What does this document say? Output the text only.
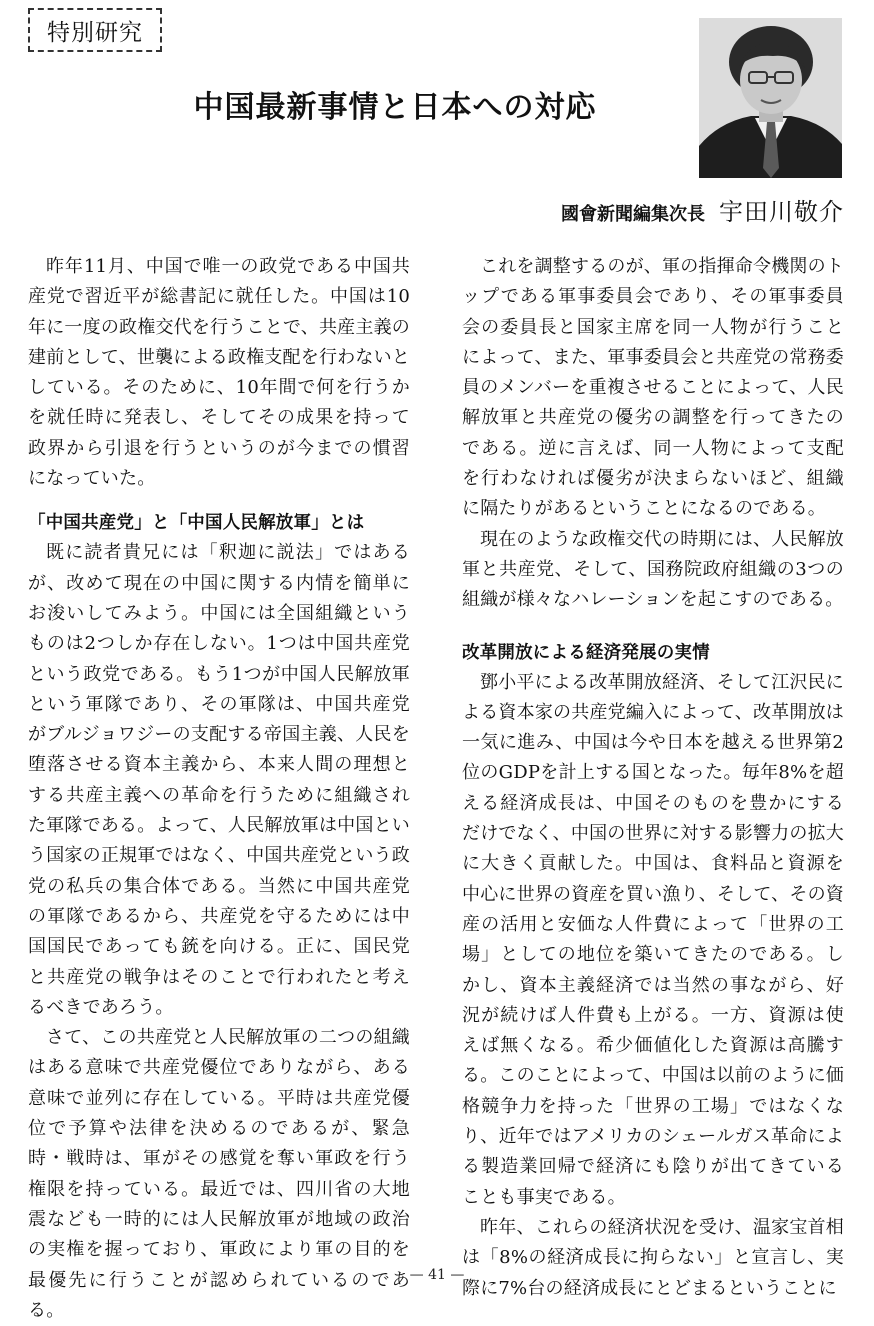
特別研究
中国最新事情と日本への対応
國會新聞編集次長 宇田川敬介

昨年11月、中国で唯一の政党である中国共産党で習近平が総書記に就任した。中国は10年に一度の政権交代を行うことで、共産主義の建前として、世襲による政権支配を行わないとしている。そのために、10年間で何を行うかを就任時に発表し、そしてその成果を持って政界から引退を行うというのが今までの慣習になっていた。

「中国共産党」と「中国人民解放軍」とは

既に読者貴兄には「釈迦に説法」ではあるが、改めて現在の中国に関する内情を簡単にお浚いしてみよう。中国には全国組織というものは2つしか存在しない。1つは中国共産党という政党である。もう1つが中国人民解放軍という軍隊であり、その軍隊は、中国共産党がブルジョワジーの支配する帝国主義、人民を堕落させる資本主義から、本来人間の理想とする共産主義への革命を行うために組織された軍隊である。よって、人民解放軍は中国という国家の正規軍ではなく、中国共産党という政党の私兵の集合体である。当然に中国共産党の軍隊であるから、共産党を守るためには中国国民であっても銃を向ける。正に、国民党と共産党の戦争はそのことで行われたと考えるべきであろう。

さて、この共産党と人民解放軍の二つの組織はある意味で共産党優位でありながら、ある意味で並列に存在している。平時は共産党優位で予算や法律を決めるのであるが、緊急時・戦時は、軍がその感覚を奪い軍政を行う権限を持っている。最近では、四川省の大地震なども一時的には人民解放軍が地域の政治の実権を握っており、軍政により軍の目的を最優先に行うことが認められているのである。

これを調整するのが、軍の指揮命令機関のトップである軍事委員会であり、その軍事委員会の委員長と国家主席を同一人物が行うことによって、また、軍事委員会と共産党の常務委員のメンバーを重複させることによって、人民解放軍と共産党の優劣の調整を行ってきたのである。逆に言えば、同一人物によって支配を行わなければ優劣が決まらないほど、組織に隔たりがあるということになるのである。

現在のような政権交代の時期には、人民解放軍と共産党、そして、国務院政府組織の3つの組織が様々なハレーションを起こすのである。

改革開放による経済発展の実情

鄧小平による改革開放経済、そして江沢民による資本家の共産党編入によって、改革開放は一気に進み、中国は今や日本を越える世界第2位のGDPを計上する国となった。毎年8%を超える経済成長は、中国そのものを豊かにするだけでなく、中国の世界に対する影響力の拡大に大きく貢献した。中国は、食料品と資源を中心に世界の資産を買い漁り、そして、その資産の活用と安価な人件費によって「世界の工場」としての地位を築いてきたのである。しかし、資本主義経済では当然の事ながら、好況が続けば人件費も上がる。一方、資源は使えば無くなる。希少価値化した資源は高騰する。このことによって、中国は以前のように価格競争力を持った「世界の工場」ではなくなり、近年ではアメリカのシェールガス革命による製造業回帰で経済にも陰りが出てきていることも事実である。

昨年、これらの経済状況を受け、温家宝首相は「8%の経済成長に拘らない」と宣言し、実際に7%台の経済成長にとどまるということに

— 41 —
